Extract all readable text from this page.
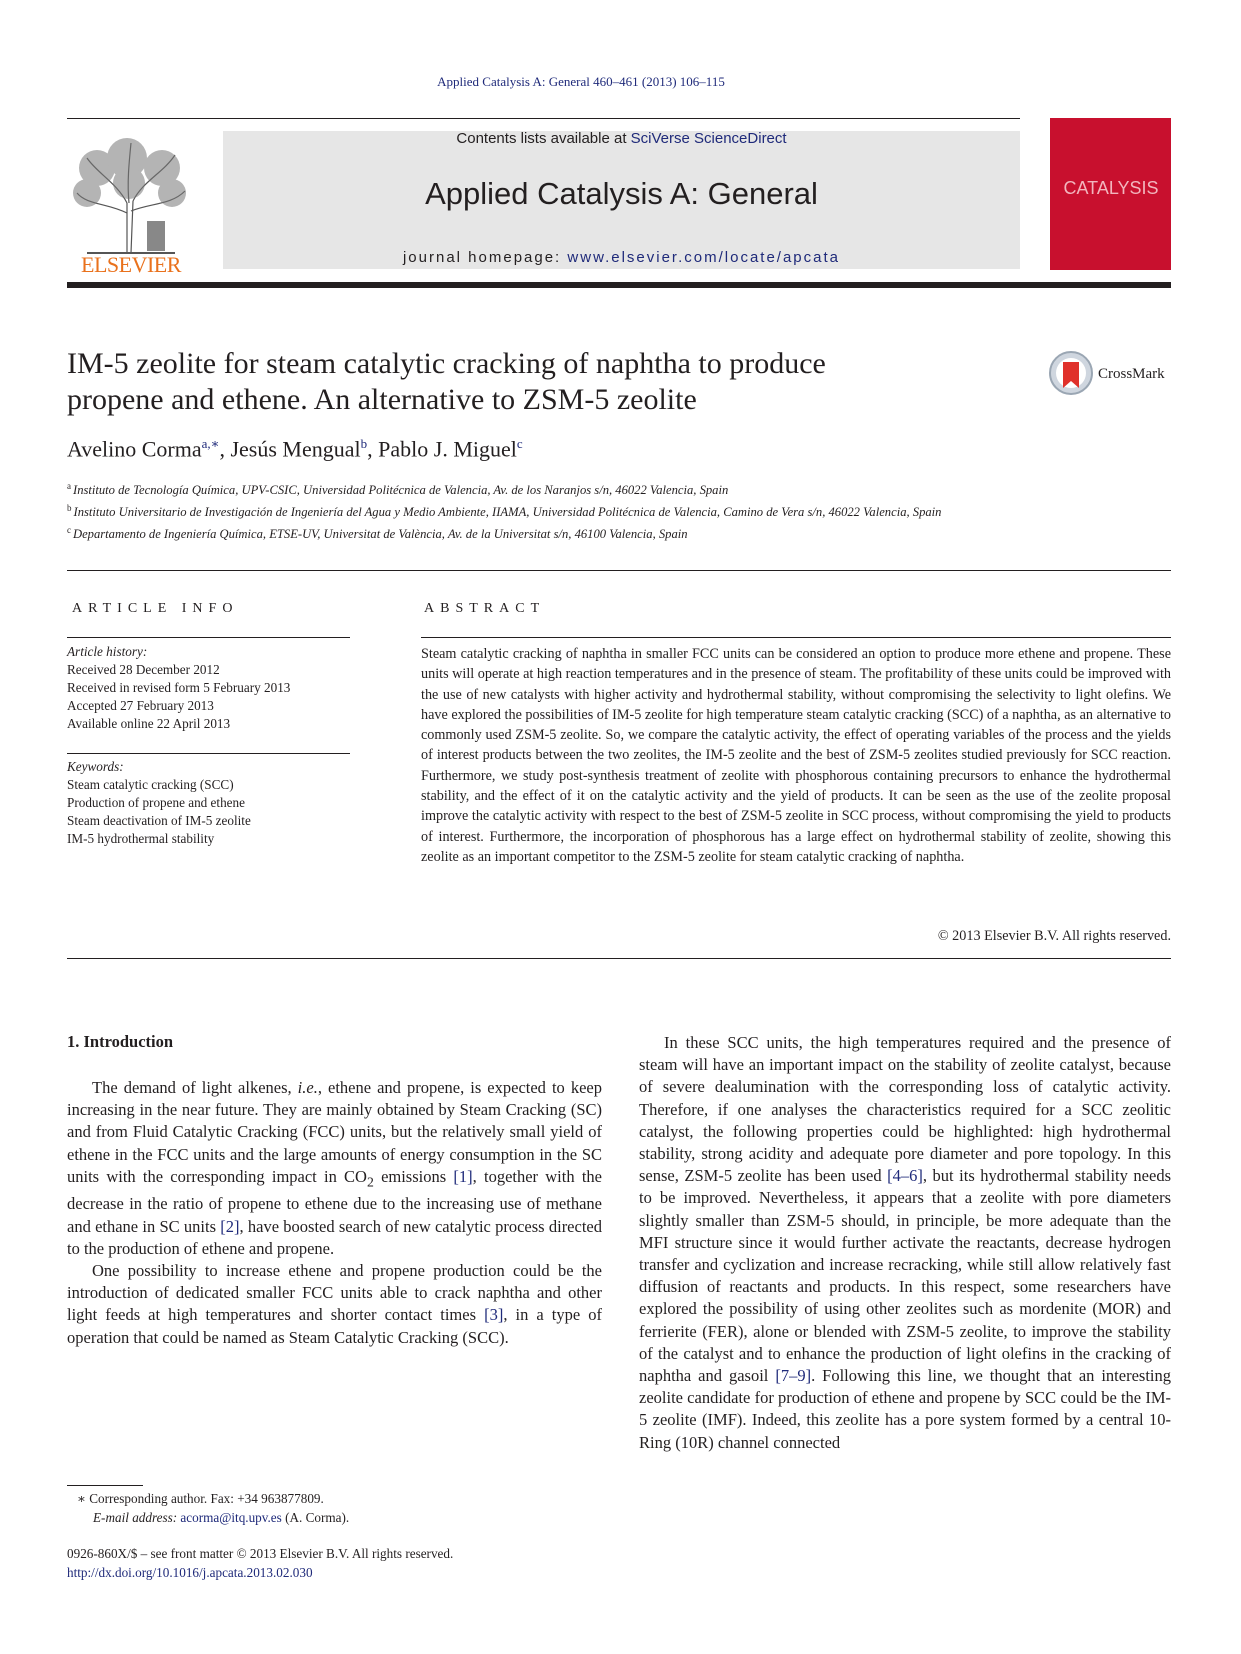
Applied Catalysis A: General 460–461 (2013) 106–115
ELSEVIER
Contents lists available at SciVerse ScienceDirect
Applied Catalysis A: General
journal homepage: www.elsevier.com/locate/apcata
CATALYSIS
IM-5 zeolite for steam catalytic cracking of naphtha to produce
propene and ethene. An alternative to ZSM-5 zeolite
CrossMark
Avelino Corma$^{a,∗}$, Jesús Mengual$^b$, Pablo J. Miguel$^c$
$^a$ Instituto de Tecnología Química, UPV-CSIC, Universidad Politécnica de Valencia, Av. de los Naranjos s/n, 46022 Valencia, Spain
$^b$ Instituto Universitario de Investigación de Ingeniería del Agua y Medio Ambiente, IIAMA, Universidad Politécnica de Valencia, Camino de Vera s/n, 46022 Valencia, Spain
$^c$ Departamento de Ingeniería Química, ETSE-UV, Universitat de València, Av. de la Universitat s/n, 46100 Valencia, Spain
ARTICLE INFO
Article history:
Received 28 December 2012
Received in revised form 5 February 2013
Accepted 27 February 2013
Available online 22 April 2013
Keywords:
Steam catalytic cracking (SCC)
Production of propene and ethene
Steam deactivation of IM-5 zeolite
IM-5 hydrothermal stability
ABSTRACT
Steam catalytic cracking of naphtha in smaller FCC units can be considered an option to produce more ethene and propene. These units will operate at high reaction temperatures and in the presence of steam. The profitability of these units could be improved with the use of new catalysts with higher activity and hydrothermal stability, without compromising the selectivity to light olefins. We have explored the possibilities of IM-5 zeolite for high temperature steam catalytic cracking (SCC) of a naphtha, as an alternative to commonly used ZSM-5 zeolite. So, we compare the catalytic activity, the effect of operating variables of the process and the yields of interest products between the two zeolites, the IM-5 zeolite and the best of ZSM-5 zeolites studied previously for SCC reaction. Furthermore, we study post-synthesis treatment of zeolite with phosphorous containing precursors to enhance the hydrothermal stability, and the effect of it on the catalytic activity and the yield of products. It can be seen as the use of the zeolite proposal improve the catalytic activity with respect to the best of ZSM-5 zeolite in SCC process, without compromising the yield to products of interest. Furthermore, the incorporation of phosphorous has a large effect on hydrothermal stability of zeolite, showing this zeolite as an important competitor to the ZSM-5 zeolite for steam catalytic cracking of naphtha.
© 2013 Elsevier B.V. All rights reserved.
1. Introduction

The demand of light alkenes, i.e., ethene and propene, is expected to keep increasing in the near future. They are mainly obtained by Steam Cracking (SC) and from Fluid Catalytic Cracking (FCC) units, but the relatively small yield of ethene in the FCC units and the large amounts of energy consumption in the SC units with the corresponding impact in $CO_2$ emissions [1], together with the decrease in the ratio of propene to ethene due to the increasing use of methane and ethane in SC units [2], have boosted search of new catalytic process directed to the production of ethene and propene.

One possibility to increase ethene and propene production could be the introduction of dedicated smaller FCC units able to crack naphtha and other light feeds at high temperatures and shorter contact times [3], in a type of operation that could be named as Steam Catalytic Cracking (SCC).

In these SCC units, the high temperatures required and the presence of steam will have an important impact on the stability of zeolite catalyst, because of severe dealumination with the corresponding loss of catalytic activity. Therefore, if one analyses the characteristics required for a SCC zeolitic catalyst, the following properties could be highlighted: high hydrothermal stability, strong acidity and adequate pore diameter and pore topology. In this sense, ZSM-5 zeolite has been used [4–6], but its hydrothermal stability needs to be improved. Nevertheless, it appears that a zeolite with pore diameters slightly smaller than ZSM-5 should, in principle, be more adequate than the MFI structure since it would further activate the reactants, decrease hydrogen transfer and cyclization and increase recracking, while still allow relatively fast diffusion of reactants and products. In this respect, some researchers have explored the possibility of using other zeolites such as mordenite (MOR) and ferrierite (FER), alone or blended with ZSM-5 zeolite, to improve the stability of the catalyst and to enhance the production of light olefins in the cracking of naphtha and gasoil [7–9]. Following this line, we thought that an interesting zeolite candidate for production of ethene and propene by SCC could be the IM-5 zeolite (IMF). Indeed, this zeolite has a pore system formed by a central 10-Ring (10R) channel connected

∗ Corresponding author. Fax: +34 963877809.
E-mail address: acorma@itq.upv.es (A. Corma).
0926-860X/$ – see front matter © 2013 Elsevier B.V. All rights reserved.
http://dx.doi.org/10.1016/j.apcata.2013.02.030
